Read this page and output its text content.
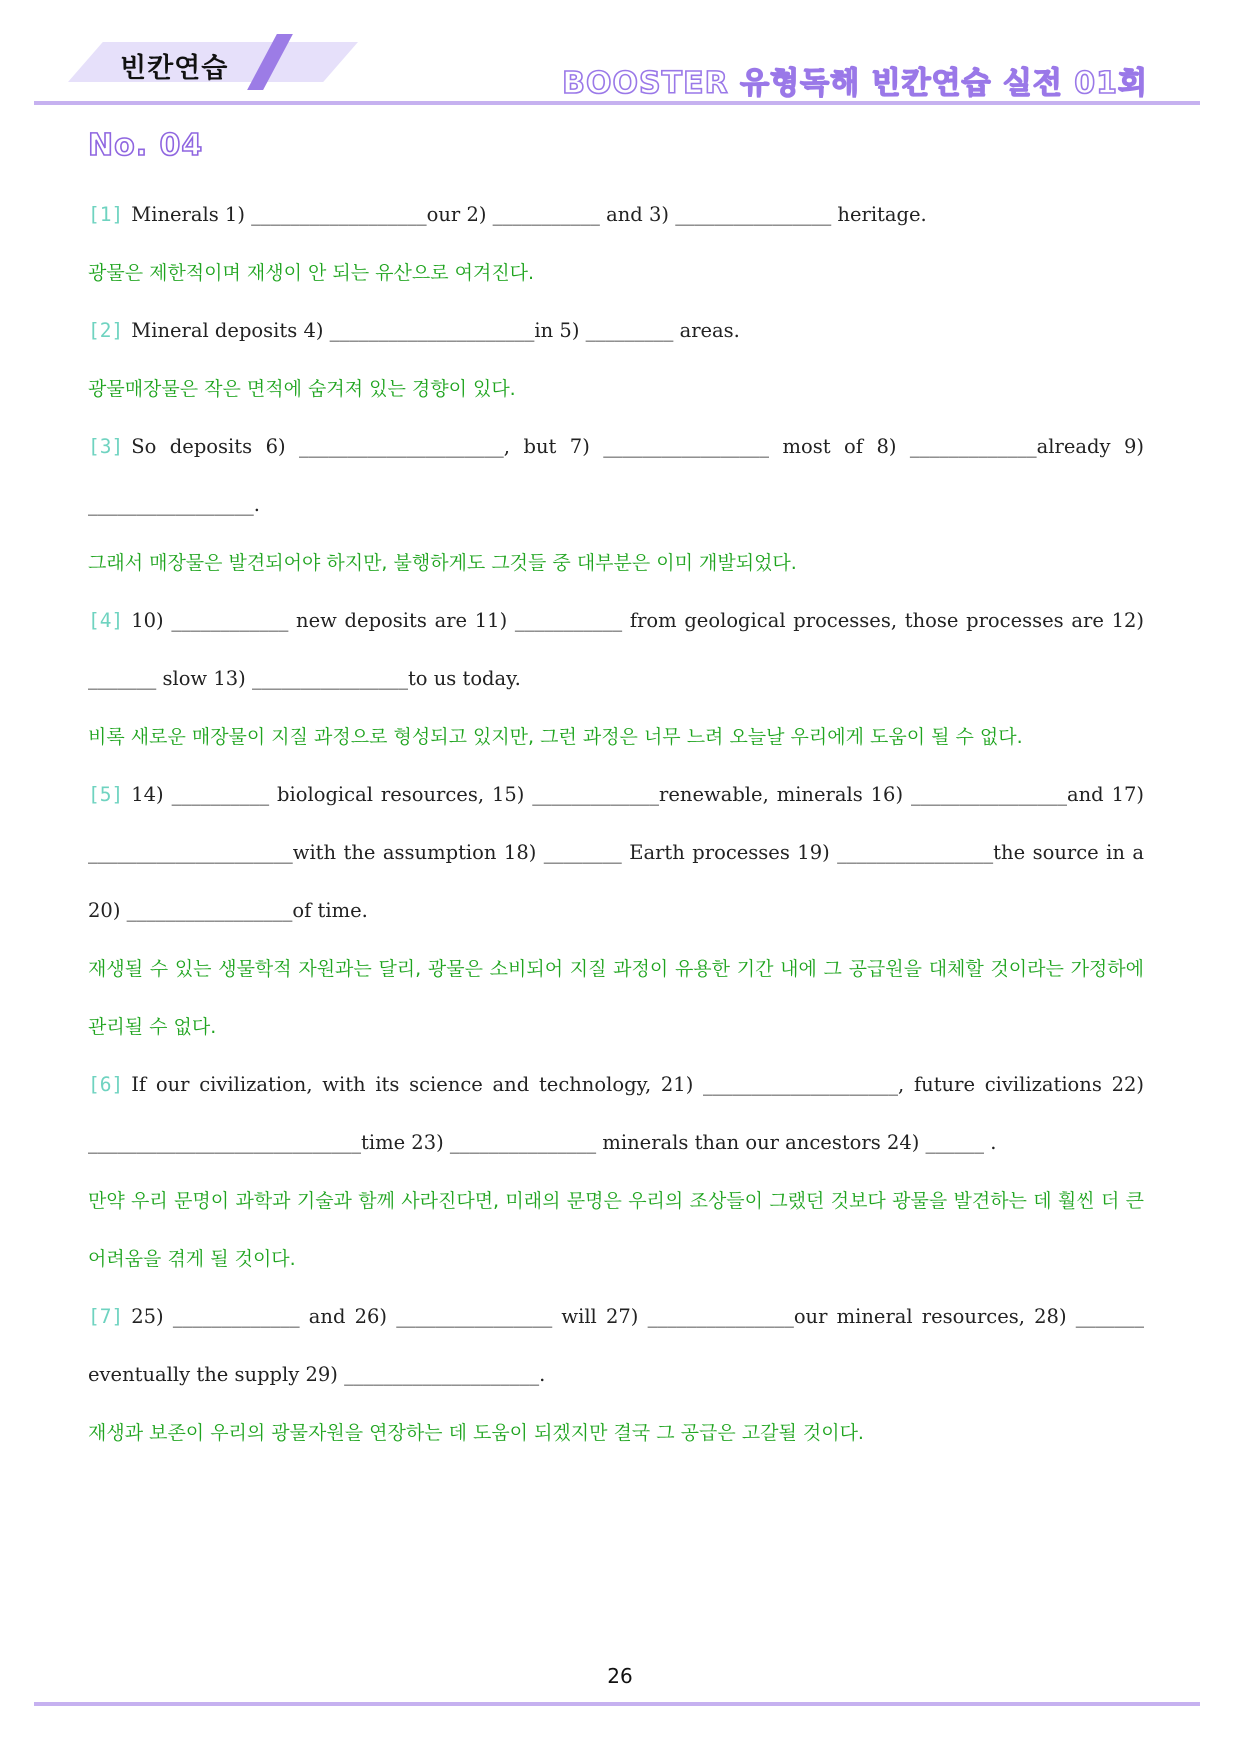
빈칸연습	BOOSTER 유형독해 빈칸연습 실전 01회
No. 04

[1] Minerals 1) __________________our 2) ___________ and 3) ________________ heritage.

광물은 제한적이며 재생이 안 되는 유산으로 여겨진다.

[2] Mineral deposits 4) _____________________in 5) _________ areas.

광물매장물은 작은 면적에 숨겨져 있는 경향이 있다.

[3] So deposits 6) _____________________, but 7) _________________ most of 8) _____________already 9) _________________.

그래서 매장물은 발견되어야 하지만, 불행하게도 그것들 중 대부분은 이미 개발되었다.

[4] 10) ____________ new deposits are 11) ___________ from geological processes, those processes are 12) _______ slow 13) ________________to us today.

비록 새로운 매장물이 지질 과정으로 형성되고 있지만, 그런 과정은 너무 느려 오늘날 우리에게 도움이 될 수 없다.

[5] 14) __________ biological resources, 15) _____________renewable, minerals 16) ________________and 17) _____________________with the assumption 18) ________ Earth processes 19) ________________the source in a 20) _________________of time.

재생될 수 있는 생물학적 자원과는 달리, 광물은 소비되어 지질 과정이 유용한 기간 내에 그 공급원을 대체할 것이라는 가정하에 관리될 수 없다.

[6] If our civilization, with its science and technology, 21) ____________________, future civilizations 22) ____________________________time 23) _______________ minerals than our ancestors 24) ______ .

만약 우리 문명이 과학과 기술과 함께 사라진다면, 미래의 문명은 우리의 조상들이 그랬던 것보다 광물을 발견하는 데 훨씬 더 큰 어려움을 겪게 될 것이다.

[7] 25) _____________ and 26) ________________ will 27) _______________our mineral resources, 28) _______ eventually the supply 29) ____________________.

재생과 보존이 우리의 광물자원을 연장하는 데 도움이 되겠지만 결국 그 공급은 고갈될 것이다.

26
